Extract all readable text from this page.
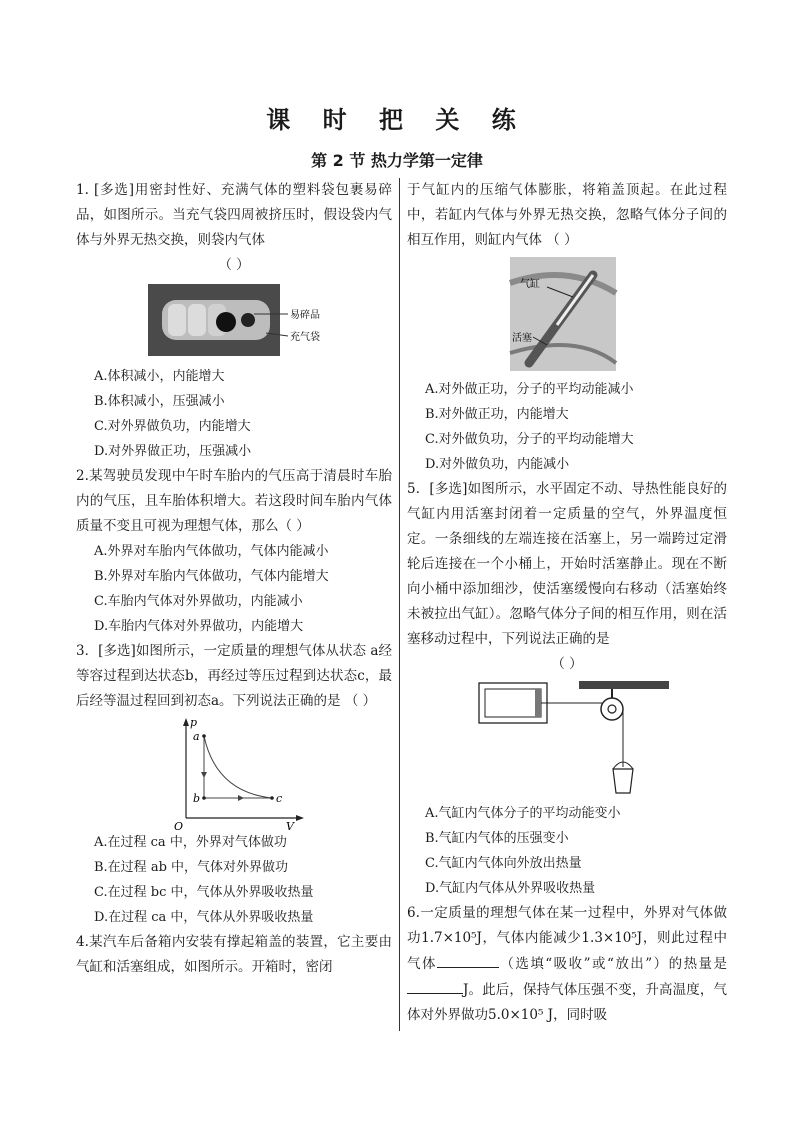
课 时 把 关 练
第 2 节 热力学第一定律

1. [多选]用密封性好、充满气体的塑料袋包裹易碎品，如图所示。当充气袋四周被挤压时，假设袋内气体与外界无热交换，则袋内气体

（ ）
易碎品
充气袋
A.体积减小，内能增大
B.体积减小，压强减小
C.对外界做负功，内能增大
D.对外界做正功，压强减小

2.某驾驶员发现中午时车胎内的气压高于清晨时车胎内的气压，且车胎体积增大。若这段时间车胎内气体质量不变且可视为理想气体，那么（ ）

A.外界对车胎内气体做功，气体内能减小
B.外界对车胎内气体做功，气体内能增大
C.车胎内气体对外界做功，内能减小
D.车胎内气体对外界做功，内能增大

3．[多选]如图所示，一定质量的理想气体从状态 a经等容过程到达状态b，再经过等压过程到达状态c，最后经等温过程回到初态a。下列说法正确的是 （ ）

p
V
O
a
b	c
A.在过程 ca 中，外界对气体做功
B.在过程 ab 中，气体对外界做功
C.在过程 bc 中，气体从外界吸收热量
D.在过程 ca 中，气体从外界吸收热量

4.某汽车后备箱内安装有撑起箱盖的装置，它主要由气缸和活塞组成，如图所示。开箱时，密闭

于气缸内的压缩气体膨胀，将箱盖顶起。在此过程中，若缸内气体与外界无热交换，忽略气体分子间的相互作用，则缸内气体 （ ）

气缸
活塞
A.对外做正功，分子的平均动能减小
B.对外做正功，内能增大
C.对外做负功，分子的平均动能增大
D.对外做负功，内能减小

5．[多选]如图所示，水平固定不动、导热性能良好的气缸内用活塞封闭着一定质量的空气，外界温度恒定。一条细线的左端连接在活塞上，另一端跨过定滑轮后连接在一个小桶上，开始时活塞静止。现在不断向小桶中添加细沙，使活塞缓慢向右移动（活塞始终未被拉出气缸）。忽略气体分子间的相互作用，则在活塞移动过程中，下列说法正确的是

（ ）
A.气缸内气体分子的平均动能变小
B.气缸内气体的压强变小
C.气缸内气体向外放出热量
D.气缸内气体从外界吸收热量

6.一定质量的理想气体在某一过程中，外界对气体做功1.7×10⁵J，气体内能减少1.3×10⁵J，则此过程中气体	（选填“吸收”或“放出”）的热量是J。此后，保持气体压强不变，升高温度，气体对外界做功5.0×10⁵ J，同时吸
